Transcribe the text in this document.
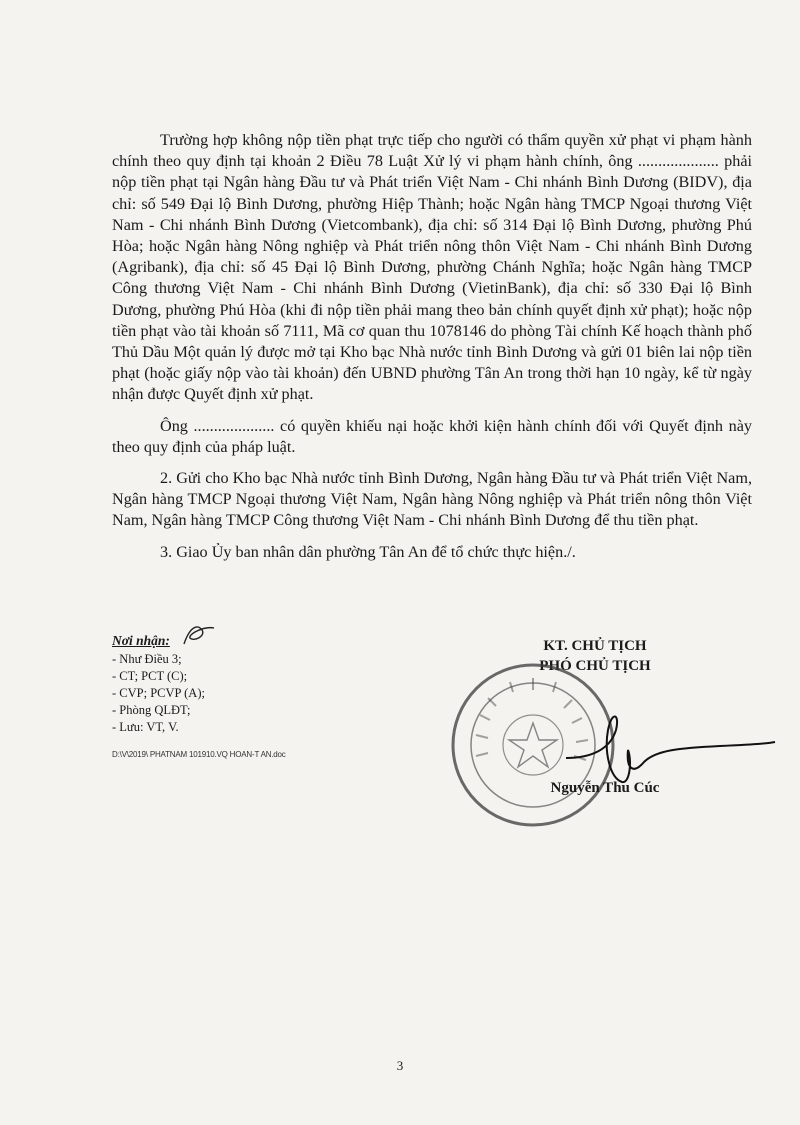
Trường hợp không nộp tiền phạt trực tiếp cho người có thẩm quyền xử phạt vi phạm hành chính theo quy định tại khoản 2 Điều 78 Luật Xử lý vi phạm hành chính, ông .................... phải nộp tiền phạt tại Ngân hàng Đầu tư và Phát triển Việt Nam - Chi nhánh Bình Dương (BIDV), địa chỉ: số 549 Đại lộ Bình Dương, phường Hiệp Thành; hoặc Ngân hàng TMCP Ngoại thương Việt Nam - Chi nhánh Bình Dương (Vietcombank), địa chỉ: số 314 Đại lộ Bình Dương, phường Phú Hòa; hoặc Ngân hàng Nông nghiệp và Phát triển nông thôn Việt Nam - Chi nhánh Bình Dương (Agribank), địa chỉ: số 45 Đại lộ Bình Dương, phường Chánh Nghĩa; hoặc Ngân hàng TMCP Công thương Việt Nam - Chi nhánh Bình Dương (VietinBank), địa chỉ: số 330 Đại lộ Bình Dương, phường Phú Hòa (khi đi nộp tiền phải mang theo bản chính quyết định xử phạt); hoặc nộp tiền phạt vào tài khoản số 7111, Mã cơ quan thu 1078146 do phòng Tài chính Kế hoạch thành phố Thủ Dầu Một quản lý được mở tại Kho bạc Nhà nước tỉnh Bình Dương và gửi 01 biên lai nộp tiền phạt (hoặc giấy nộp vào tài khoản) đến UBND phường Tân An trong thời hạn 10 ngày, kể từ ngày nhận được Quyết định xử phạt.

Ông .................... có quyền khiếu nại hoặc khởi kiện hành chính đối với Quyết định này theo quy định của pháp luật.

2. Gửi cho Kho bạc Nhà nước tỉnh Bình Dương, Ngân hàng Đầu tư và Phát triển Việt Nam, Ngân hàng TMCP Ngoại thương Việt Nam, Ngân hàng Nông nghiệp và Phát triển nông thôn Việt Nam, Ngân hàng TMCP Công thương Việt Nam - Chi nhánh Bình Dương để thu tiền phạt.

3. Giao Ủy ban nhân dân phường Tân An để tổ chức thực hiện./.

Nơi nhận:
- Như Điều 3;
- CT; PCT (C);
- CVP; PCVP (A);
- Phòng QLĐT;
- Lưu: VT, V.
D:\V\2019\ PHATNAM 101910.VQ HOAN-T AN.doc
KT. CHỦ TỊCH
PHÓ CHỦ TỊCH
Nguyễn Thu Cúc
3
